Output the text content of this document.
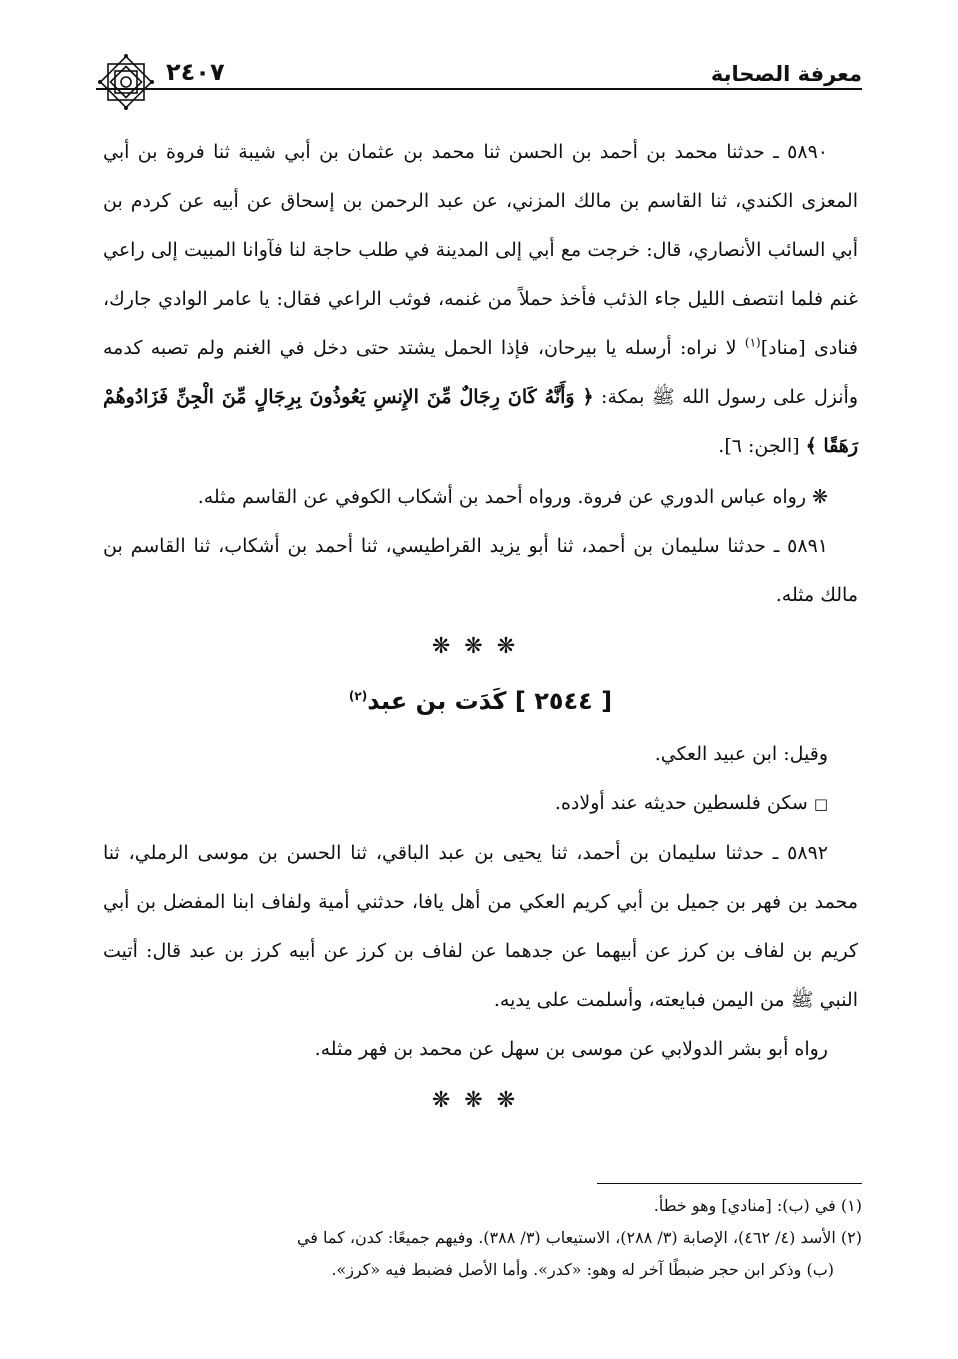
معرفة الصحابة
٢٤٠٧

٥٨٩٠ ـ حدثنا محمد بن أحمد بن الحسن ثنا محمد بن عثمان بن أبي شيبة ثنا فروة بن أبي المعزى الكندي، ثنا القاسم بن مالك المزني، عن عبد الرحمن بن إسحاق عن أبيه عن كردم بن أبي السائب الأنصاري، قال: خرجت مع أبي إلى المدينة في طلب حاجة لنا فآوانا المبيت إلى راعي غنم فلما انتصف الليل جاء الذئب فأخذ حملاً من غنمه، فوثب الراعي فقال: يا عامر الوادي جارك، فنادى [مناد]$^{(١)}$ لا نراه: أرسله يا بيرحان، فإذا الحمل يشتد حتى دخل في الغنم ولم تصبه كدمه وأنزل على رسول الله ﷺ بمكة: ﴿ وَأَنَّهُ كَانَ رِجَالٌ مِّنَ الإِنسِ يَعُوذُونَ بِرِجَالٍ مِّنَ الْجِنِّ فَزَادُوهُمْ رَهَقًا ﴾ [الجن: ٦].

❋ رواه عباس الدوري عن فروة. ورواه أحمد بن أشكاب الكوفي عن القاسم مثله.

٥٨٩١ ـ حدثنا سليمان بن أحمد، ثنا أبو يزيد القراطيسي، ثنا أحمد بن أشكاب، ثنا القاسم بن مالك مثله.

❋❋❋

[ ٢٥٤٤ ] كَدَت بن عبد$^{(٢)}$

وقيل: ابن عبيد العكي.

□ سكن فلسطين حديثه عند أولاده.

٥٨٩٢ ـ حدثنا سليمان بن أحمد، ثنا يحيى بن عبد الباقي، ثنا الحسن بن موسى الرملي، ثنا محمد بن فهر بن جميل بن أبي كريم العكي من أهل يافا، حدثني أمية ولفاف ابنا المفضل بن أبي كريم بن لفاف بن كرز عن أبيهما عن جدهما عن لفاف بن كرز عن أبيه كرز بن عبد قال: أتيت النبي ﷺ من اليمن فبايعته، وأسلمت على يديه.

رواه أبو بشر الدولابي عن موسى بن سهل عن محمد بن فهر مثله.

❋❋❋

(١) في (ب): [منادي] وهو خطأ.

(٢) الأسد (٤/ ٤٦٢)، الإصابة (٣/ ٢٨٨)، الاستيعاب (٣/ ٣٨٨). وفيهم جميعًا: كدن، كما في

(ب) وذكر ابن حجر ضبطًا آخر له وهو: «كدر». وأما الأصل فضبط فيه «كرز».
